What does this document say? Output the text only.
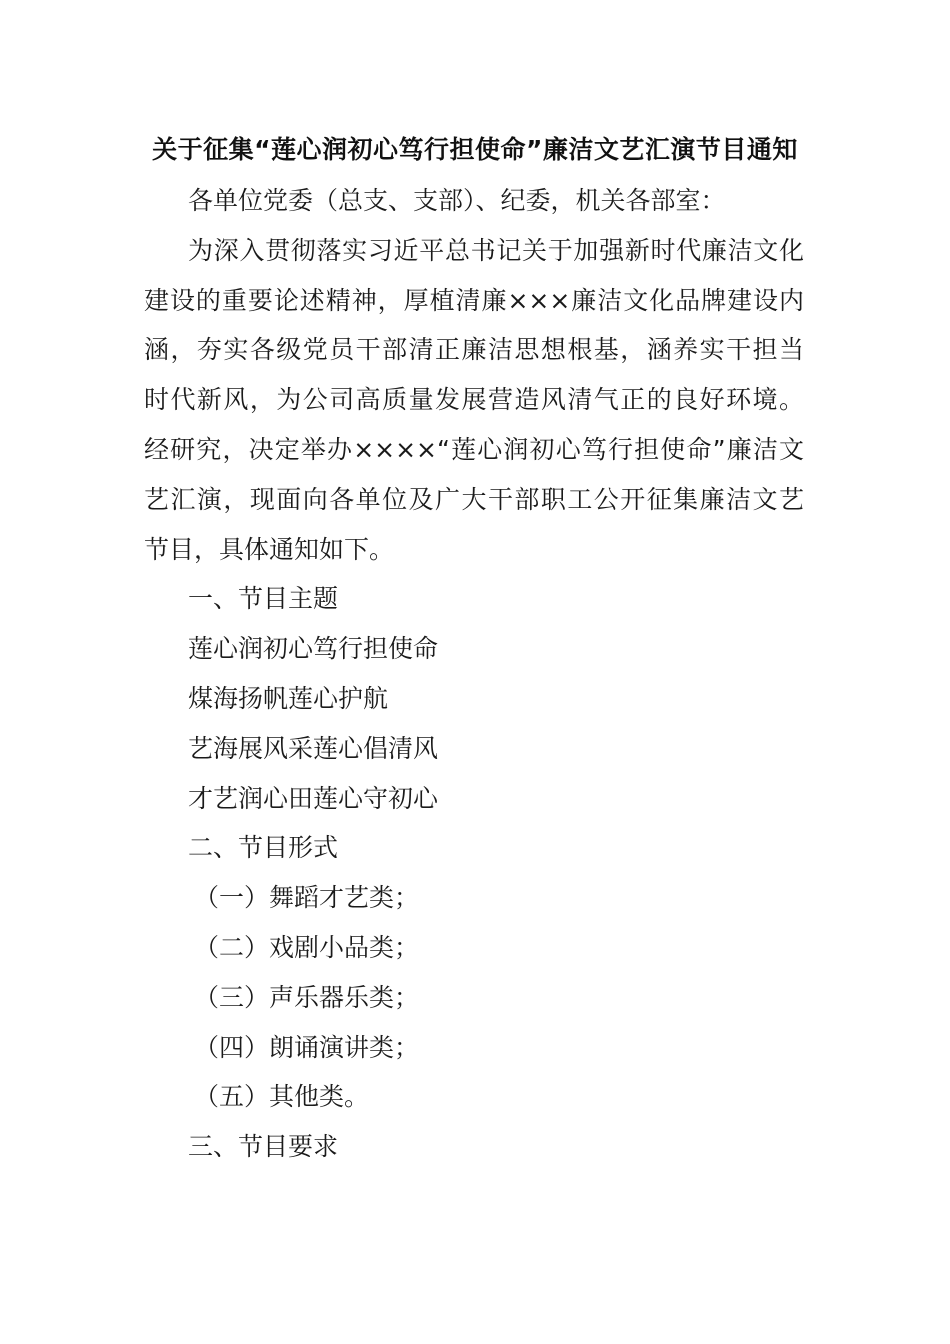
关于征集“莲心润初心笃行担使命”廉洁文艺汇演节目通知
各单位党委（总支、支部）、纪委，机关各部室：
为深入贯彻落实习近平总书记关于加强新时代廉洁文化
建设的重要论述精神，厚植清廉×××廉洁文化品牌建设内
涵，夯实各级党员干部清正廉洁思想根基，涵养实干担当
时代新风，为公司高质量发展营造风清气正的良好环境。
经研究，决定举办××××“莲心润初心笃行担使命”廉洁文
艺汇演，现面向各单位及广大干部职工公开征集廉洁文艺
节目，具体通知如下。
一、节目主题
莲心润初心笃行担使命
煤海扬帆莲心护航
艺海展风采莲心倡清风
才艺润心田莲心守初心
二、节目形式
（一）舞蹈才艺类；
（二）戏剧小品类；
（三）声乐器乐类；
（四）朗诵演讲类；
（五）其他类。
三、节目要求
